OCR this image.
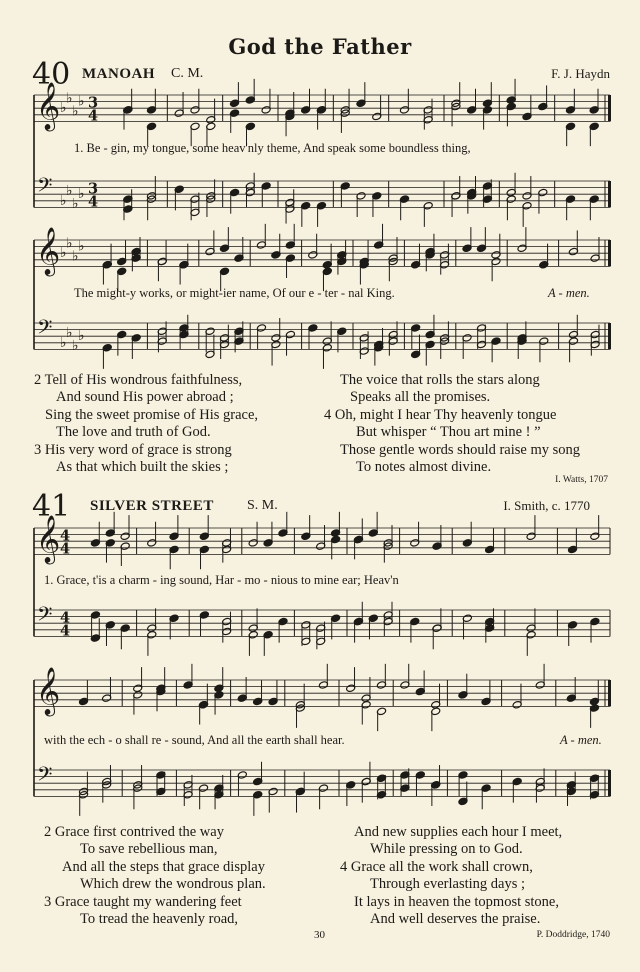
God the Father
40 MANOAH C. M.	F. J. Haydn
𝄞
𝄢
♭
♭
♭
♭
♭
♭
♭
♭
3
4
3
4
𝄞
𝄢
♭
♭
♭
♭
♭
♭
♭
♭
𝄞
𝄢
4
4
4
4
𝄞
𝄢
1. Be - gin, my tongue, some heav'nly theme, And speak some boundless thing,
The might-y works, or might-ier name, Of our e - ter - nal King.	A - men.
2 Tell of His wondrous faithfulness,
And sound His power abroad ;
Sing the sweet promise of His grace,
The love and truth of God.
3 His very word of grace is strong
As that which built the skies ;
The voice that rolls the stars along
Speaks all the promises.
4 Oh, might I hear Thy heavenly tongue
But whisper “ Thou art mine ! ”
Those gentle words should raise my song
To notes almost divine.
I. Watts, 1707
41 SILVER STREET S. M.	I. Smith, c. 1770
1. Grace, t'is a charm - ing sound, Har - mo - nious to mine ear; Heav'n
with the ech - o shall re - sound, And all the earth shall hear.	A - men.
2 Grace first contrived the way
To save rebellious man,
And all the steps that grace display
Which drew the wondrous plan.
3 Grace taught my wandering feet
To tread the heavenly road,
And new supplies each hour I meet,
While pressing on to God.
4 Grace all the work shall crown,
Through everlasting days ;
It lays in heaven the topmost stone,
And well deserves the praise.
30	P. Doddridge, 1740
